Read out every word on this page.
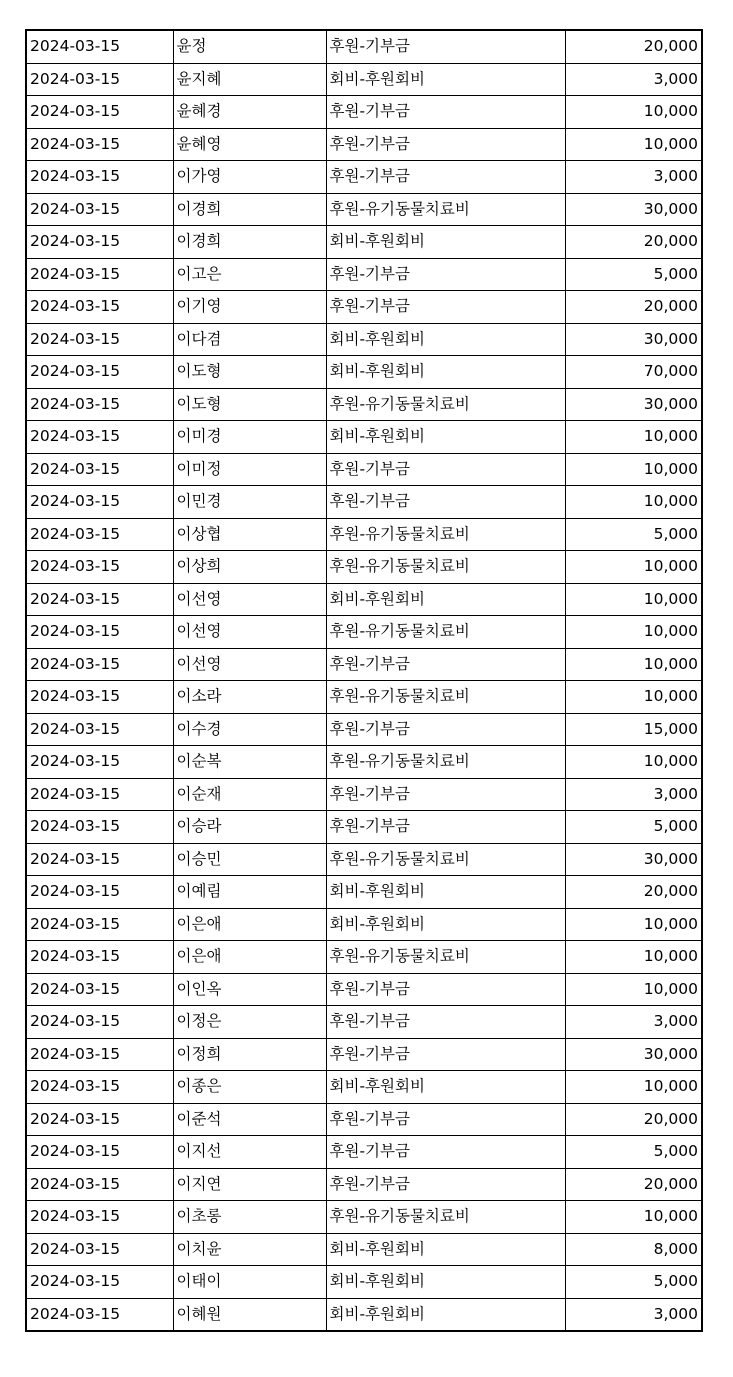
2024-03-15	윤정	후원-기부금	20,000
2024-03-15	윤지혜	회비-후원회비	3,000
2024-03-15	윤혜경	후원-기부금	10,000
2024-03-15	윤혜영	후원-기부금	10,000
2024-03-15	이가영	후원-기부금	3,000
2024-03-15	이경희	후원-유기동물치료비	30,000
2024-03-15	이경희	회비-후원회비	20,000
2024-03-15	이고은	후원-기부금	5,000
2024-03-15	이기영	후원-기부금	20,000
2024-03-15	이다겸	회비-후원회비	30,000
2024-03-15	이도형	회비-후원회비	70,000
2024-03-15	이도형	후원-유기동물치료비	30,000
2024-03-15	이미경	회비-후원회비	10,000
2024-03-15	이미정	후원-기부금	10,000
2024-03-15	이민경	후원-기부금	10,000
2024-03-15	이상협	후원-유기동물치료비	5,000
2024-03-15	이상희	후원-유기동물치료비	10,000
2024-03-15	이선영	회비-후원회비	10,000
2024-03-15	이선영	후원-유기동물치료비	10,000
2024-03-15	이선영	후원-기부금	10,000
2024-03-15	이소라	후원-유기동물치료비	10,000
2024-03-15	이수경	후원-기부금	15,000
2024-03-15	이순복	후원-유기동물치료비	10,000
2024-03-15	이순재	후원-기부금	3,000
2024-03-15	이승라	후원-기부금	5,000
2024-03-15	이승민	후원-유기동물치료비	30,000
2024-03-15	이예림	회비-후원회비	20,000
2024-03-15	이은애	회비-후원회비	10,000
2024-03-15	이은애	후원-유기동물치료비	10,000
2024-03-15	이인옥	후원-기부금	10,000
2024-03-15	이정은	후원-기부금	3,000
2024-03-15	이정희	후원-기부금	30,000
2024-03-15	이종은	회비-후원회비	10,000
2024-03-15	이준석	후원-기부금	20,000
2024-03-15	이지선	후원-기부금	5,000
2024-03-15	이지연	후원-기부금	20,000
2024-03-15	이초롱	후원-유기동물치료비	10,000
2024-03-15	이치윤	회비-후원회비	8,000
2024-03-15	이태이	회비-후원회비	5,000
2024-03-15	이혜원	회비-후원회비	3,000
